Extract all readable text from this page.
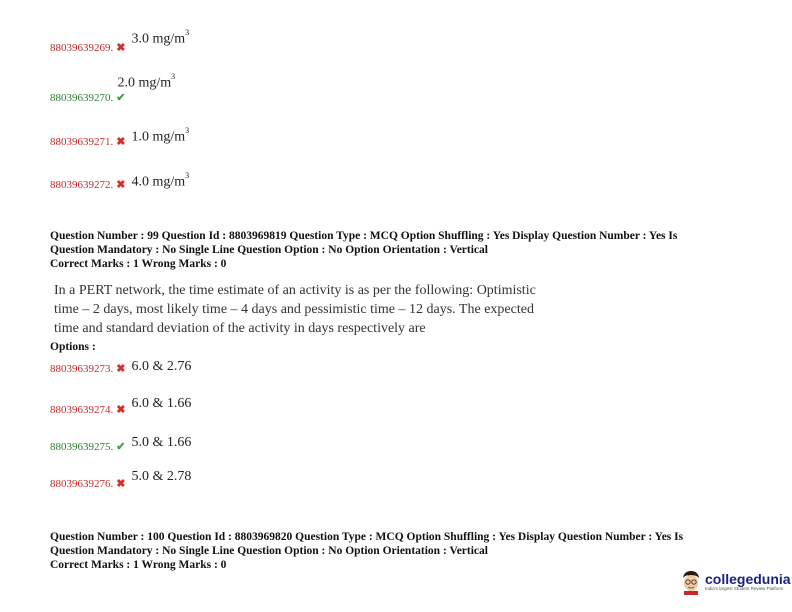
88039639269. ✖
3.0 $mg/m^3$
88039639270. ✔
2.0 $mg/m^3$
88039639271. ✖ 1.0 $mg/m^3$
88039639272. ✖ 4.0 $mg/m^3$
Question Number : 99 Question Id : 8803969819 Question Type : MCQ Option Shuffling : Yes Display Question Number : Yes Is
Question Mandatory : No Single Line Question Option : No Option Orientation : Vertical
Correct Marks : 1 Wrong Marks : 0
In a PERT network, the time estimate of an activity is as per the following: Optimistic
time – 2 days, most likely time – 4 days and pessimistic time – 12 days. The expected
time and standard deviation of the activity in days respectively are
Options :
88039639273. ✖ 6.0 & 2.76
88039639274. ✖ 6.0 & 1.66
88039639275. ✔ 5.0 & 1.66
88039639276. ✖ 5.0 & 2.78
Question Number : 100 Question Id : 8803969820 Question Type : MCQ Option Shuffling : Yes Display Question Number : Yes Is
Question Mandatory : No Single Line Question Option : No Option Orientation : Vertical
Correct Marks : 1 Wrong Marks : 0
collegedunia
India's largest Student Review Platform
